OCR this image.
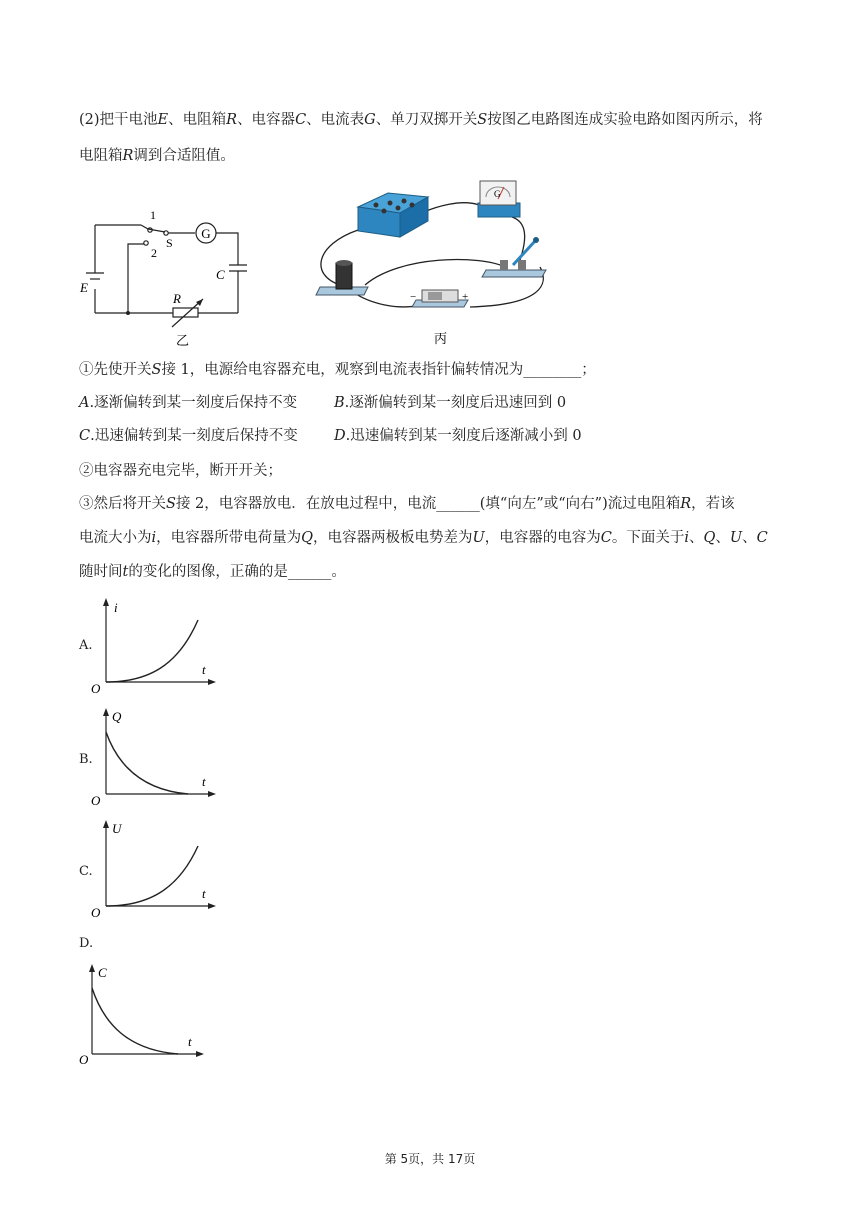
(2)把干电池E、电阻箱R、电容器C、电流表G、单刀双掷开关S按图乙电路图连成实验电路如图丙所示，将
电阻箱R调到合适阻值。
G
1
2
S
C
E
R
乙
G
−	+
丙
①先使开关S接 1，电源给电容器充电，观察到电流表指针偏转情况为________；
A.逐渐偏转到某一刻度后保持不变	B.逐渐偏转到某一刻度后迅速回到 0
C.迅速偏转到某一刻度后保持不变	D.迅速偏转到某一刻度后逐渐减小到 0
②电容器充电完毕，断开开关；
③然后将开关S接 2，电容器放电．在放电过程中，电流______(填“向左”或“向右”)流过电阻箱R，若该
电流大小为i，电容器所带电荷量为Q，电容器两极板电势差为U，电容器的电容为C。下面关于i、Q、U、C
随时间t的变化的图像，正确的是______。
A.
i
t
O
B.
Q
t
O
C.
U
t
O
D.
C
t
O
第 5页，共 17页
